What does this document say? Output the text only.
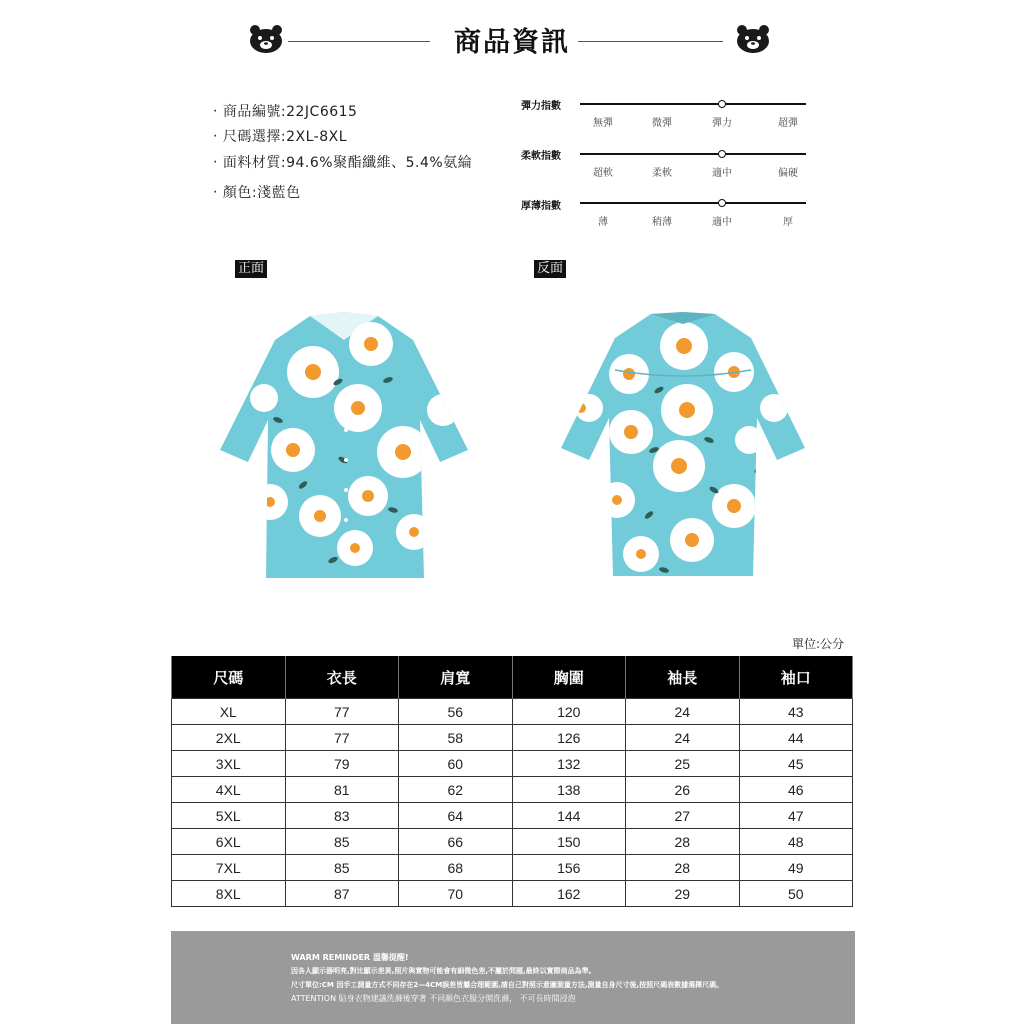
商品資訊
‧ 商品編號:22JC6615
‧ 尺碼選擇:2XL-8XL
‧ 面料材質:94.6%聚酯纖維、5.4%氨綸
‧ 顏色:淺藍色
彈力指數
無彈	微彈	彈力	超彈
柔軟指數
超軟	柔軟	適中	偏硬
厚薄指數
薄	稍薄	適中	厚
正面	反面
單位:公分
尺碼	衣長	肩寬	胸圍	袖長	袖口
XL	77	56	120	24	43
2XL	77	58	126	24	44
3XL	79	60	132	25	45
4XL	81	62	138	26	46
5XL	83	64	144	27	47
6XL	85	66	150	28	48
7XL	85	68	156	28	49
8XL	87	70	162	29	50
WARM REMINDER 溫馨提醒!
因各人顯示器明亮,對比顯示差異,照片與實物可能會有細微色差,不屬於問題,最終以實際商品為準。
尺寸單位:CM 因手工測量方式不同存在2—4CM誤差皆屬合理範圍,請自己對照示意圖測量方法,測量自身尺寸後,按照尺碼表數據選擇尺碼。
ATTENTION 貼身衣物建議洗滌後穿著 不同顏色衣服分開洗滌， 不可長時間浸泡
